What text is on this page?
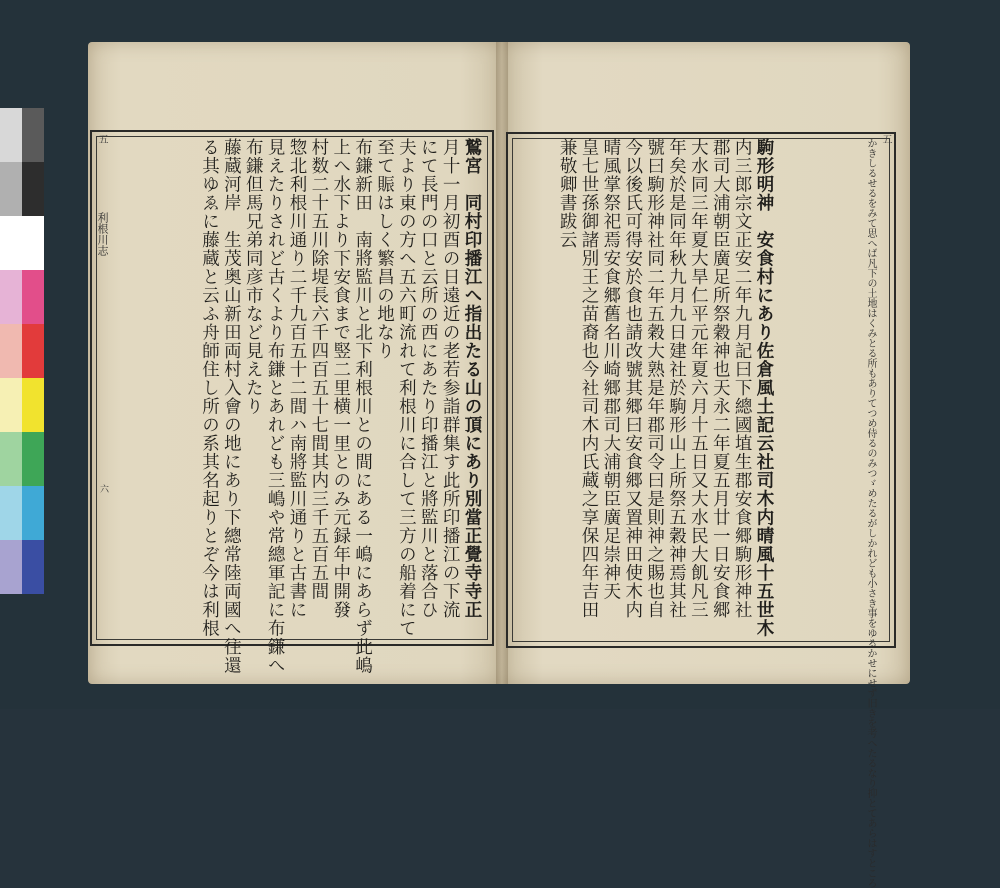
五
利根川志
六
五
鷲宮　同村印播江へ指出たる山の頂にあり別當正覺寺寺正
月十一月初酉の日遠近の老若参詣群集す此所印播江の下流
にて長門の口と云所の西にあたり印播江と將監川と落合ひ
夫より東の方へ五六町流れて利根川に合して三方の船着にて
至て賑はしく繁昌の地なり
布鎌新田　南將監川と北下利根川との間にある一嶋にあらず此嶋
上へ水下より下安食まで竪二里横一里とのみ元録年中開發
村数二十五川除堤長六千四百五十七間其内三千五百五間
惣北利根川通り二千九百五十二間ハ南將監川通りと古書に
見えたりされど古くより布鎌とあれども三嶋や常總軍記に布鎌へ
布鎌但馬兄弟同彦市など見えたり
藤蔵河岸　生茂奥山新田両村入會の地にあり下總常陸両國へ往還
る其ゆゑに藤蔵と云ふ舟師住し所の系其名起りとぞ今は利根	かきしるせるをみて思へば凡下の土地はくみとる所もありてつめ侍るのみつゞめたるがしかれども小さき事をゆるかせにせず旧きを考へたるなり抑とてあらはすところ
駒形明神　安食村にあり佐倉風土記云社司木内晴風十五世木
内三郎宗文正安二年九月記曰下總國埴生郡安食郷駒形神社
郡司大浦朝臣廣足所祭穀神也天永二年夏五月廿一日安食郷
大水同三年夏大旱仁平元年夏六月十五日又大水民大飢凡三
年矣於是同年秋九月九日建社於駒形山上所祭五穀神焉其社
號曰駒形神社同二年五穀大熟是年郡司令曰是則神之賜也自
今以後氏可得安於食也請改號其郷曰安食郷又置神田使木内
晴風掌祭祀焉安食郷舊名川崎郷郡司大浦朝臣廣足崇神天
皇七世孫御諸別王之苗裔也今社司木内氏蔵之享保四年吉田
兼敬卿書跋云
